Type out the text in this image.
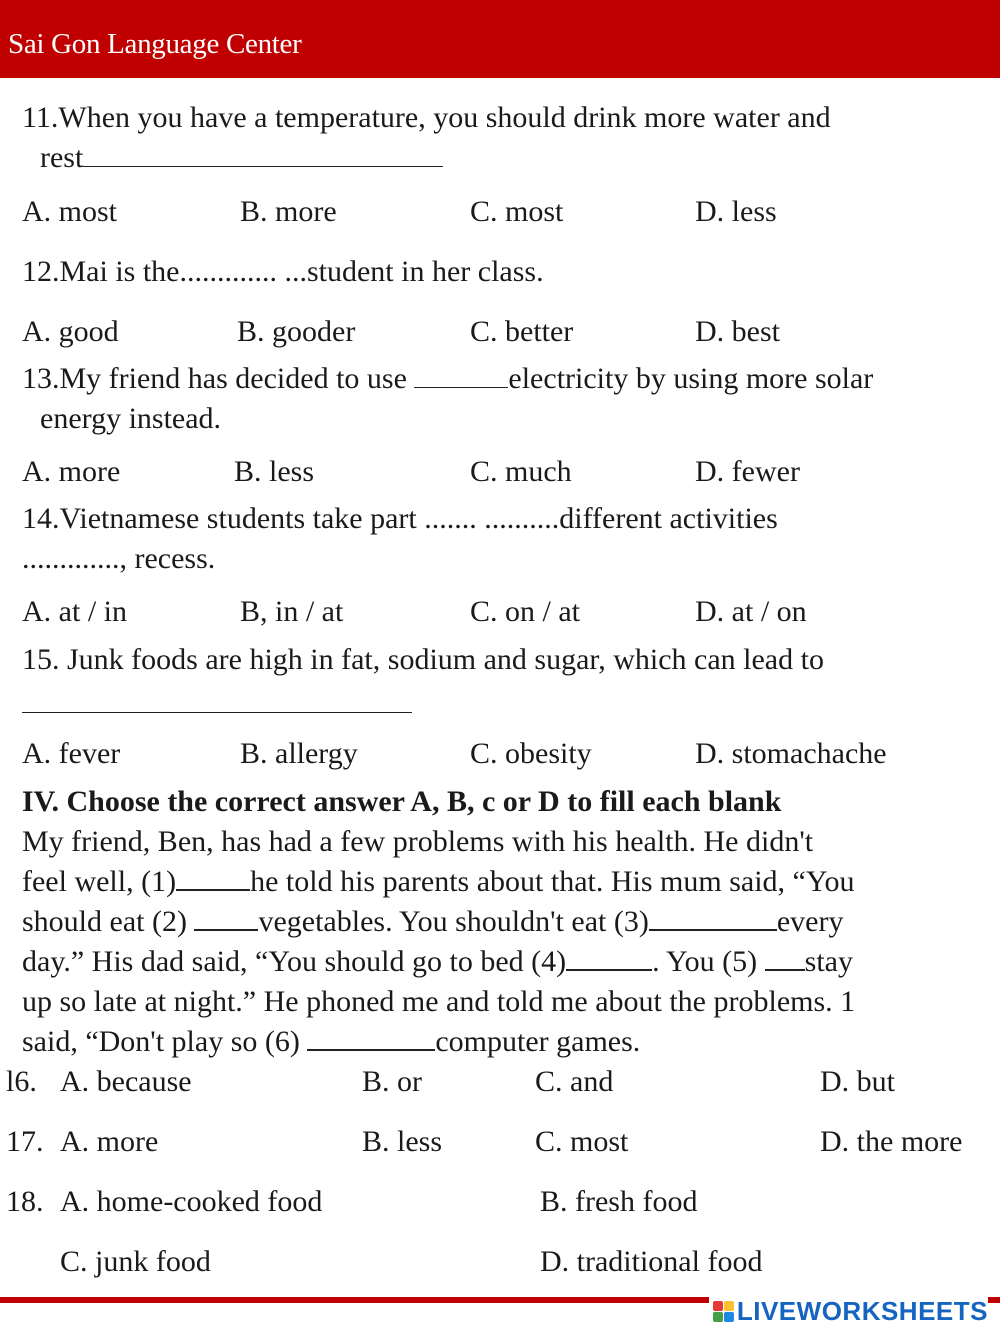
Sai Gon Language Center
11.When you have a temperature, you should drink more water and
rest
A. most	B. more	C. most	D. less
12.Mai is the............. ...student in her class.
A. good	B. gooder	C. better	D. best
13.My friend has decided to use	electricity by using more solar
energy instead.
A. more	B. less	C. much	D. fewer
14.Vietnamese students take part ....... ..........different activities
............., recess.
A. at / in	B, in / at	C. on / at	D. at / on
15. Junk foods are high in fat, sodium and sugar, which can lead to
A. fever	B. allergy	C. obesity	D. stomachache
IV. Choose the correct answer A, B, c or D to fill each blank
My friend, Ben, has had a few problems with his health. He didn't
feel well, (1) he told his parents about that. His mum said, “You
should eat (2) vegetables. You shouldn't eat (3)	every
day.” His dad said, “You should go to bed (4)	. You (5) stay
up so late at night.” He phoned me and told me about the problems. 1
said, “Don't play so (6)	computer games.
l6. A. because	B. or	C. and	D. but
17. A. more	B. less	C. most	D. the more
18. A. home-cooked food	B. fresh food
C. junk food	D. traditional food
LIVEWORKSHEETS
